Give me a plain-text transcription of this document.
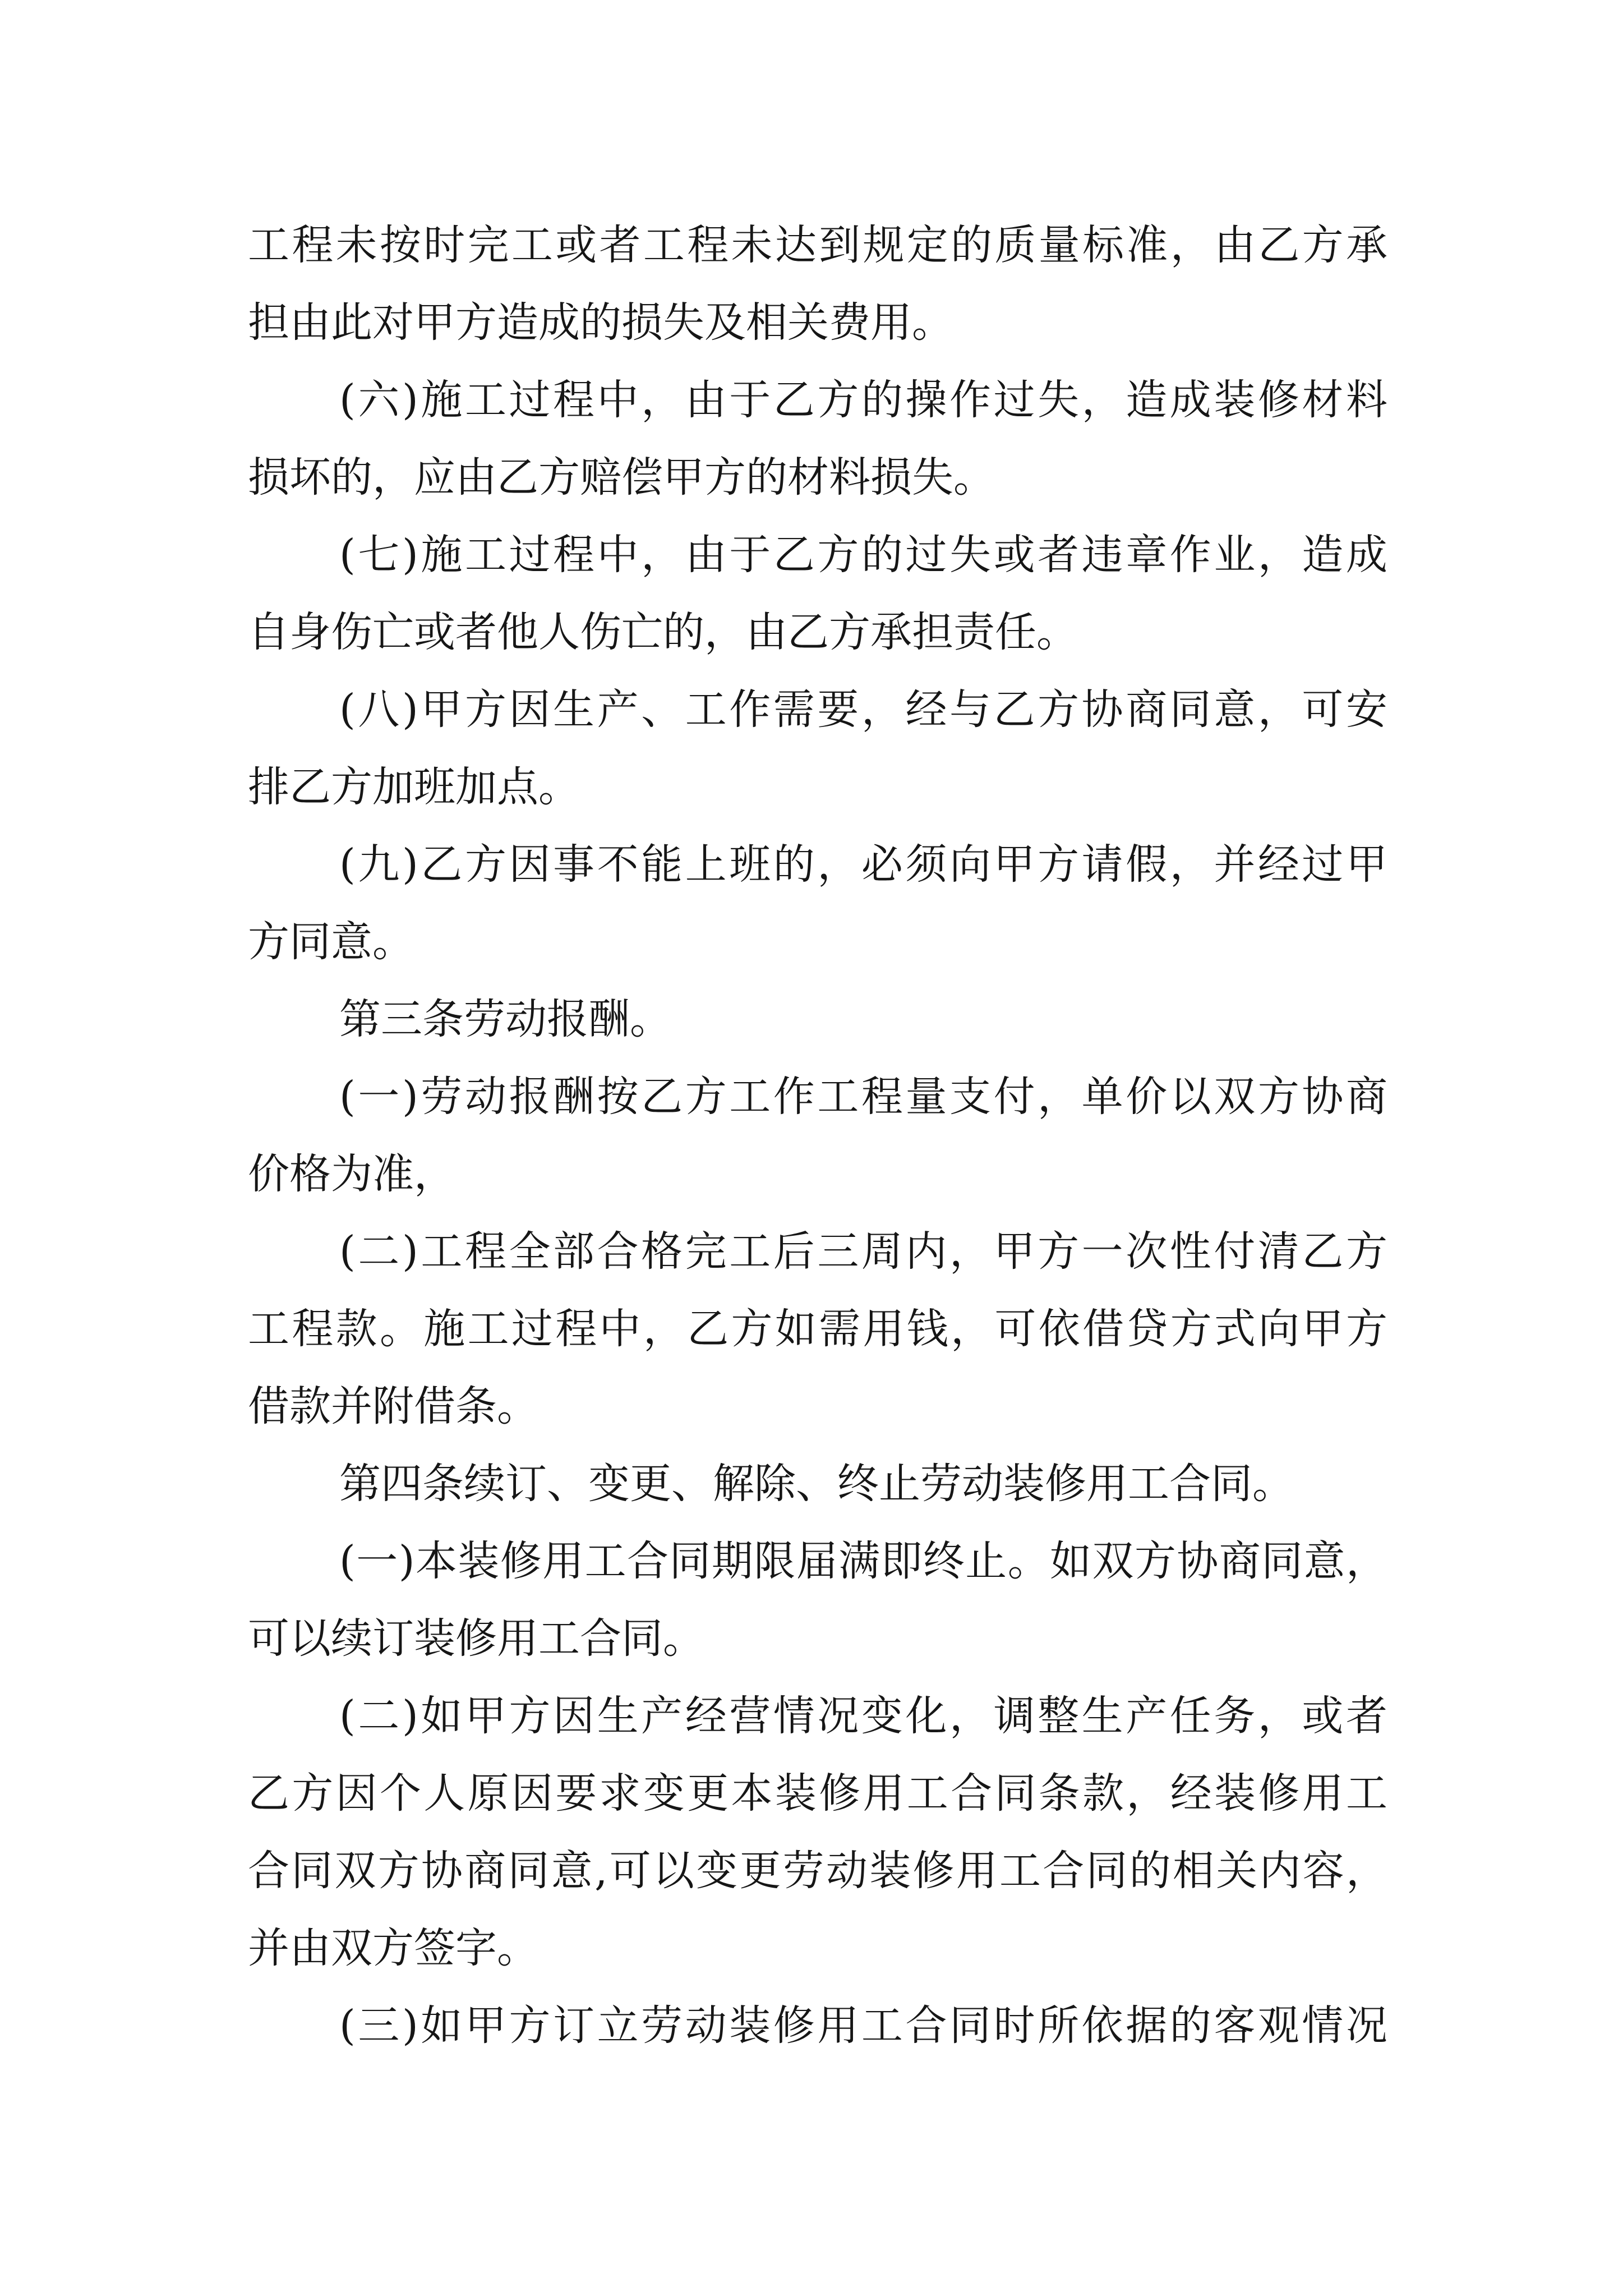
工程未按时完工或者工程未达到规定的质量标准，由乙方承
担由此对甲方造成的损失及相关费用。
(六)施工过程中，由于乙方的操作过失，造成装修材料
损坏的，应由乙方赔偿甲方的材料损失。
(七)施工过程中，由于乙方的过失或者违章作业，造成
自身伤亡或者他人伤亡的，由乙方承担责任。
(八)甲方因生产、工作需要，经与乙方协商同意，可安
排乙方加班加点。
(九)乙方因事不能上班的，必须向甲方请假，并经过甲
方同意。
第三条劳动报酬。
(一)劳动报酬按乙方工作工程量支付，单价以双方协商
价格为准，
(二)工程全部合格完工后三周内，甲方一次性付清乙方
工程款。施工过程中，乙方如需用钱，可依借贷方式向甲方
借款并附借条。
第四条续订、变更、解除、终止劳动装修用工合同。
(一)本装修用工合同期限届满即终止。如双方协商同意，
可以续订装修用工合同。
(二)如甲方因生产经营情况变化，调整生产任务，或者
乙方因个人原因要求变更本装修用工合同条款，经装修用工
合同双方协商同意,可以变更劳动装修用工合同的相关内容，
并由双方签字。
(三)如甲方订立劳动装修用工合同时所依据的客观情况
